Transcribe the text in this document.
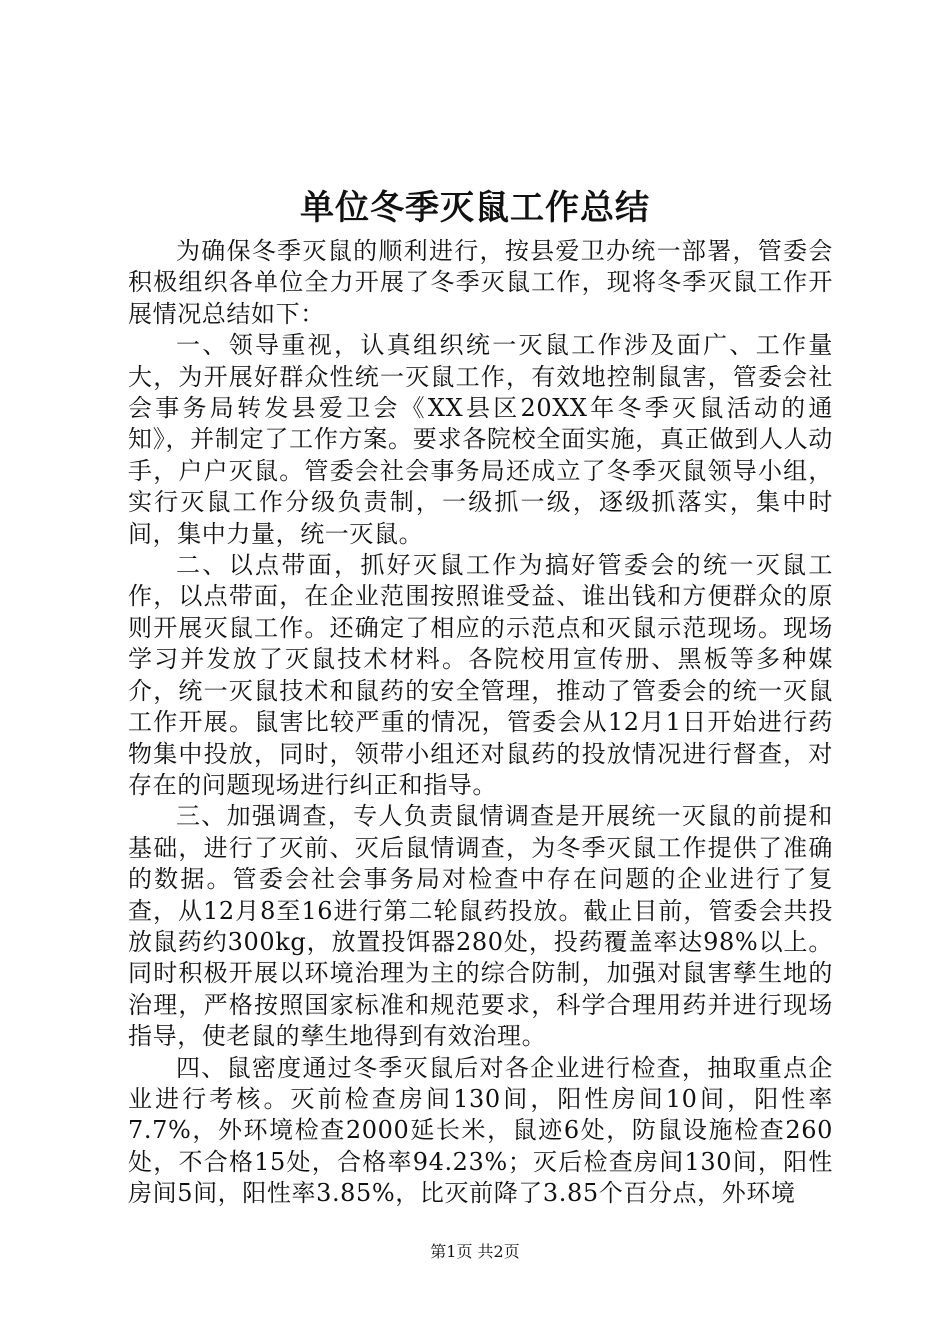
单位冬季灭鼠工作总结

为确保冬季灭鼠的顺利进行，按县爱卫办统一部署，管委会积极组织各单位全力开展了冬季灭鼠工作，现将冬季灭鼠工作开展情况总结如下：

一、领导重视，认真组织统一灭鼠工作涉及面广、工作量大，为开展好群众性统一灭鼠工作，有效地控制鼠害，管委会社会事务局转发县爱卫会《XX县区20XX年冬季灭鼠活动的通知》，并制定了工作方案。要求各院校全面实施，真正做到人人动手，户户灭鼠。管委会社会事务局还成立了冬季灭鼠领导小组，实行灭鼠工作分级负责制，一级抓一级，逐级抓落实，集中时间，集中力量，统一灭鼠。

二、以点带面，抓好灭鼠工作为搞好管委会的统一灭鼠工作，以点带面，在企业范围按照谁受益、谁出钱和方便群众的原则开展灭鼠工作。还确定了相应的示范点和灭鼠示范现场。现场学习并发放了灭鼠技术材料。各院校用宣传册、黑板等多种媒介，统一灭鼠技术和鼠药的安全管理，推动了管委会的统一灭鼠工作开展。鼠害比较严重的情况，管委会从12月1日开始进行药物集中投放，同时，领带小组还对鼠药的投放情况进行督查，对存在的问题现场进行纠正和指导。

三、加强调查，专人负责鼠情调查是开展统一灭鼠的前提和基础，进行了灭前、灭后鼠情调查，为冬季灭鼠工作提供了准确的数据。管委会社会事务局对检查中存在问题的企业进行了复查，从12月8至16进行第二轮鼠药投放。截止目前，管委会共投放鼠药约300kg，放置投饵器280处，投药覆盖率达98%以上。同时积极开展以环境治理为主的综合防制，加强对鼠害孳生地的治理，严格按照国家标准和规范要求，科学合理用药并进行现场指导，使老鼠的孳生地得到有效治理。

四、鼠密度通过冬季灭鼠后对各企业进行检查，抽取重点企业进行考核。灭前检查房间130间，阳性房间10间，阳性率7.7%，外环境检查2000延长米，鼠迹6处，防鼠设施检查260处，不合格15处，合格率94.23%；灭后检查房间130间，阳性房间5间，阳性率3.85%，比灭前降了3.85个百分点，外环境

第1页 共2页
